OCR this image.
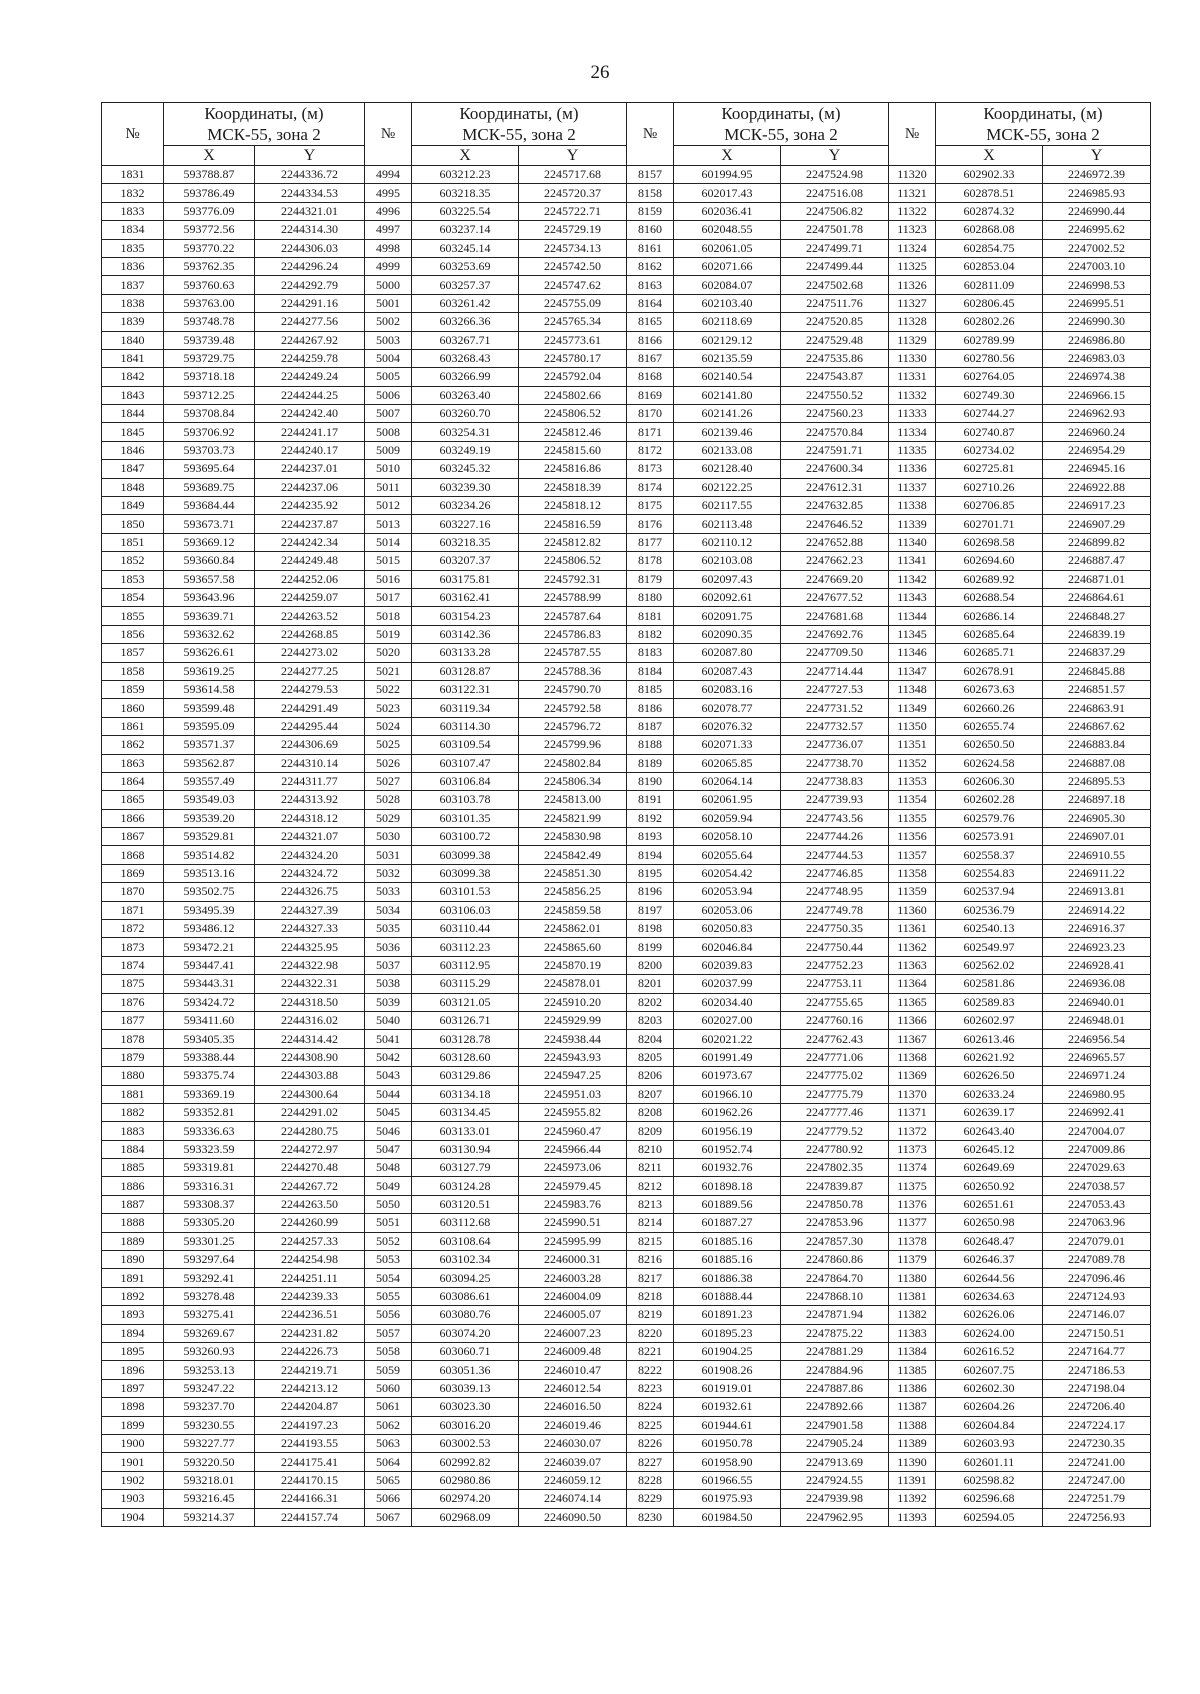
26
№	Координаты, (м)
МСК-55, зона 2		№	Координаты, (м)
МСК-55, зона 2		№	Координаты, (м)
МСК-55, зона 2		№	Координаты, (м)
МСК-55, зона 2	
	X	Y		X	Y		X	Y		X	Y
1831	593788.87	2244336.72	4994	603212.23	2245717.68	8157	601994.95	2247524.98	11320	602902.33	2246972.39
1832	593786.49	2244334.53	4995	603218.35	2245720.37	8158	602017.43	2247516.08	11321	602878.51	2246985.93
1833	593776.09	2244321.01	4996	603225.54	2245722.71	8159	602036.41	2247506.82	11322	602874.32	2246990.44
1834	593772.56	2244314.30	4997	603237.14	2245729.19	8160	602048.55	2247501.78	11323	602868.08	2246995.62
1835	593770.22	2244306.03	4998	603245.14	2245734.13	8161	602061.05	2247499.71	11324	602854.75	2247002.52
1836	593762.35	2244296.24	4999	603253.69	2245742.50	8162	602071.66	2247499.44	11325	602853.04	2247003.10
1837	593760.63	2244292.79	5000	603257.37	2245747.62	8163	602084.07	2247502.68	11326	602811.09	2246998.53
1838	593763.00	2244291.16	5001	603261.42	2245755.09	8164	602103.40	2247511.76	11327	602806.45	2246995.51
1839	593748.78	2244277.56	5002	603266.36	2245765.34	8165	602118.69	2247520.85	11328	602802.26	2246990.30
1840	593739.48	2244267.92	5003	603267.71	2245773.61	8166	602129.12	2247529.48	11329	602789.99	2246986.80
1841	593729.75	2244259.78	5004	603268.43	2245780.17	8167	602135.59	2247535.86	11330	602780.56	2246983.03
1842	593718.18	2244249.24	5005	603266.99	2245792.04	8168	602140.54	2247543.87	11331	602764.05	2246974.38
1843	593712.25	2244244.25	5006	603263.40	2245802.66	8169	602141.80	2247550.52	11332	602749.30	2246966.15
1844	593708.84	2244242.40	5007	603260.70	2245806.52	8170	602141.26	2247560.23	11333	602744.27	2246962.93
1845	593706.92	2244241.17	5008	603254.31	2245812.46	8171	602139.46	2247570.84	11334	602740.87	2246960.24
1846	593703.73	2244240.17	5009	603249.19	2245815.60	8172	602133.08	2247591.71	11335	602734.02	2246954.29
1847	593695.64	2244237.01	5010	603245.32	2245816.86	8173	602128.40	2247600.34	11336	602725.81	2246945.16
1848	593689.75	2244237.06	5011	603239.30	2245818.39	8174	602122.25	2247612.31	11337	602710.26	2246922.88
1849	593684.44	2244235.92	5012	603234.26	2245818.12	8175	602117.55	2247632.85	11338	602706.85	2246917.23
1850	593673.71	2244237.87	5013	603227.16	2245816.59	8176	602113.48	2247646.52	11339	602701.71	2246907.29
1851	593669.12	2244242.34	5014	603218.35	2245812.82	8177	602110.12	2247652.88	11340	602698.58	2246899.82
1852	593660.84	2244249.48	5015	603207.37	2245806.52	8178	602103.08	2247662.23	11341	602694.60	2246887.47
1853	593657.58	2244252.06	5016	603175.81	2245792.31	8179	602097.43	2247669.20	11342	602689.92	2246871.01
1854	593643.96	2244259.07	5017	603162.41	2245788.99	8180	602092.61	2247677.52	11343	602688.54	2246864.61
1855	593639.71	2244263.52	5018	603154.23	2245787.64	8181	602091.75	2247681.68	11344	602686.14	2246848.27
1856	593632.62	2244268.85	5019	603142.36	2245786.83	8182	602090.35	2247692.76	11345	602685.64	2246839.19
1857	593626.61	2244273.02	5020	603133.28	2245787.55	8183	602087.80	2247709.50	11346	602685.71	2246837.29
1858	593619.25	2244277.25	5021	603128.87	2245788.36	8184	602087.43	2247714.44	11347	602678.91	2246845.88
1859	593614.58	2244279.53	5022	603122.31	2245790.70	8185	602083.16	2247727.53	11348	602673.63	2246851.57
1860	593599.48	2244291.49	5023	603119.34	2245792.58	8186	602078.77	2247731.52	11349	602660.26	2246863.91
1861	593595.09	2244295.44	5024	603114.30	2245796.72	8187	602076.32	2247732.57	11350	602655.74	2246867.62
1862	593571.37	2244306.69	5025	603109.54	2245799.96	8188	602071.33	2247736.07	11351	602650.50	2246883.84
1863	593562.87	2244310.14	5026	603107.47	2245802.84	8189	602065.85	2247738.70	11352	602624.58	2246887.08
1864	593557.49	2244311.77	5027	603106.84	2245806.34	8190	602064.14	2247738.83	11353	602606.30	2246895.53
1865	593549.03	2244313.92	5028	603103.78	2245813.00	8191	602061.95	2247739.93	11354	602602.28	2246897.18
1866	593539.20	2244318.12	5029	603101.35	2245821.99	8192	602059.94	2247743.56	11355	602579.76	2246905.30
1867	593529.81	2244321.07	5030	603100.72	2245830.98	8193	602058.10	2247744.26	11356	602573.91	2246907.01
1868	593514.82	2244324.20	5031	603099.38	2245842.49	8194	602055.64	2247744.53	11357	602558.37	2246910.55
1869	593513.16	2244324.72	5032	603099.38	2245851.30	8195	602054.42	2247746.85	11358	602554.83	2246911.22
1870	593502.75	2244326.75	5033	603101.53	2245856.25	8196	602053.94	2247748.95	11359	602537.94	2246913.81
1871	593495.39	2244327.39	5034	603106.03	2245859.58	8197	602053.06	2247749.78	11360	602536.79	2246914.22
1872	593486.12	2244327.33	5035	603110.44	2245862.01	8198	602050.83	2247750.35	11361	602540.13	2246916.37
1873	593472.21	2244325.95	5036	603112.23	2245865.60	8199	602046.84	2247750.44	11362	602549.97	2246923.23
1874	593447.41	2244322.98	5037	603112.95	2245870.19	8200	602039.83	2247752.23	11363	602562.02	2246928.41
1875	593443.31	2244322.31	5038	603115.29	2245878.01	8201	602037.99	2247753.11	11364	602581.86	2246936.08
1876	593424.72	2244318.50	5039	603121.05	2245910.20	8202	602034.40	2247755.65	11365	602589.83	2246940.01
1877	593411.60	2244316.02	5040	603126.71	2245929.99	8203	602027.00	2247760.16	11366	602602.97	2246948.01
1878	593405.35	2244314.42	5041	603128.78	2245938.44	8204	602021.22	2247762.43	11367	602613.46	2246956.54
1879	593388.44	2244308.90	5042	603128.60	2245943.93	8205	601991.49	2247771.06	11368	602621.92	2246965.57
1880	593375.74	2244303.88	5043	603129.86	2245947.25	8206	601973.67	2247775.02	11369	602626.50	2246971.24
1881	593369.19	2244300.64	5044	603134.18	2245951.03	8207	601966.10	2247775.79	11370	602633.24	2246980.95
1882	593352.81	2244291.02	5045	603134.45	2245955.82	8208	601962.26	2247777.46	11371	602639.17	2246992.41
1883	593336.63	2244280.75	5046	603133.01	2245960.47	8209	601956.19	2247779.52	11372	602643.40	2247004.07
1884	593323.59	2244272.97	5047	603130.94	2245966.44	8210	601952.74	2247780.92	11373	602645.12	2247009.86
1885	593319.81	2244270.48	5048	603127.79	2245973.06	8211	601932.76	2247802.35	11374	602649.69	2247029.63
1886	593316.31	2244267.72	5049	603124.28	2245979.45	8212	601898.18	2247839.87	11375	602650.92	2247038.57
1887	593308.37	2244263.50	5050	603120.51	2245983.76	8213	601889.56	2247850.78	11376	602651.61	2247053.43
1888	593305.20	2244260.99	5051	603112.68	2245990.51	8214	601887.27	2247853.96	11377	602650.98	2247063.96
1889	593301.25	2244257.33	5052	603108.64	2245995.99	8215	601885.16	2247857.30	11378	602648.47	2247079.01
1890	593297.64	2244254.98	5053	603102.34	2246000.31	8216	601885.16	2247860.86	11379	602646.37	2247089.78
1891	593292.41	2244251.11	5054	603094.25	2246003.28	8217	601886.38	2247864.70	11380	602644.56	2247096.46
1892	593278.48	2244239.33	5055	603086.61	2246004.09	8218	601888.44	2247868.10	11381	602634.63	2247124.93
1893	593275.41	2244236.51	5056	603080.76	2246005.07	8219	601891.23	2247871.94	11382	602626.06	2247146.07
1894	593269.67	2244231.82	5057	603074.20	2246007.23	8220	601895.23	2247875.22	11383	602624.00	2247150.51
1895	593260.93	2244226.73	5058	603060.71	2246009.48	8221	601904.25	2247881.29	11384	602616.52	2247164.77
1896	593253.13	2244219.71	5059	603051.36	2246010.47	8222	601908.26	2247884.96	11385	602607.75	2247186.53
1897	593247.22	2244213.12	5060	603039.13	2246012.54	8223	601919.01	2247887.86	11386	602602.30	2247198.04
1898	593237.70	2244204.87	5061	603023.30	2246016.50	8224	601932.61	2247892.66	11387	602604.26	2247206.40
1899	593230.55	2244197.23	5062	603016.20	2246019.46	8225	601944.61	2247901.58	11388	602604.84	2247224.17
1900	593227.77	2244193.55	5063	603002.53	2246030.07	8226	601950.78	2247905.24	11389	602603.93	2247230.35
1901	593220.50	2244175.41	5064	602992.82	2246039.07	8227	601958.90	2247913.69	11390	602601.11	2247241.00
1902	593218.01	2244170.15	5065	602980.86	2246059.12	8228	601966.55	2247924.55	11391	602598.82	2247247.00
1903	593216.45	2244166.31	5066	602974.20	2246074.14	8229	601975.93	2247939.98	11392	602596.68	2247251.79
1904	593214.37	2244157.74	5067	602968.09	2246090.50	8230	601984.50	2247962.95	11393	602594.05	2247256.93
